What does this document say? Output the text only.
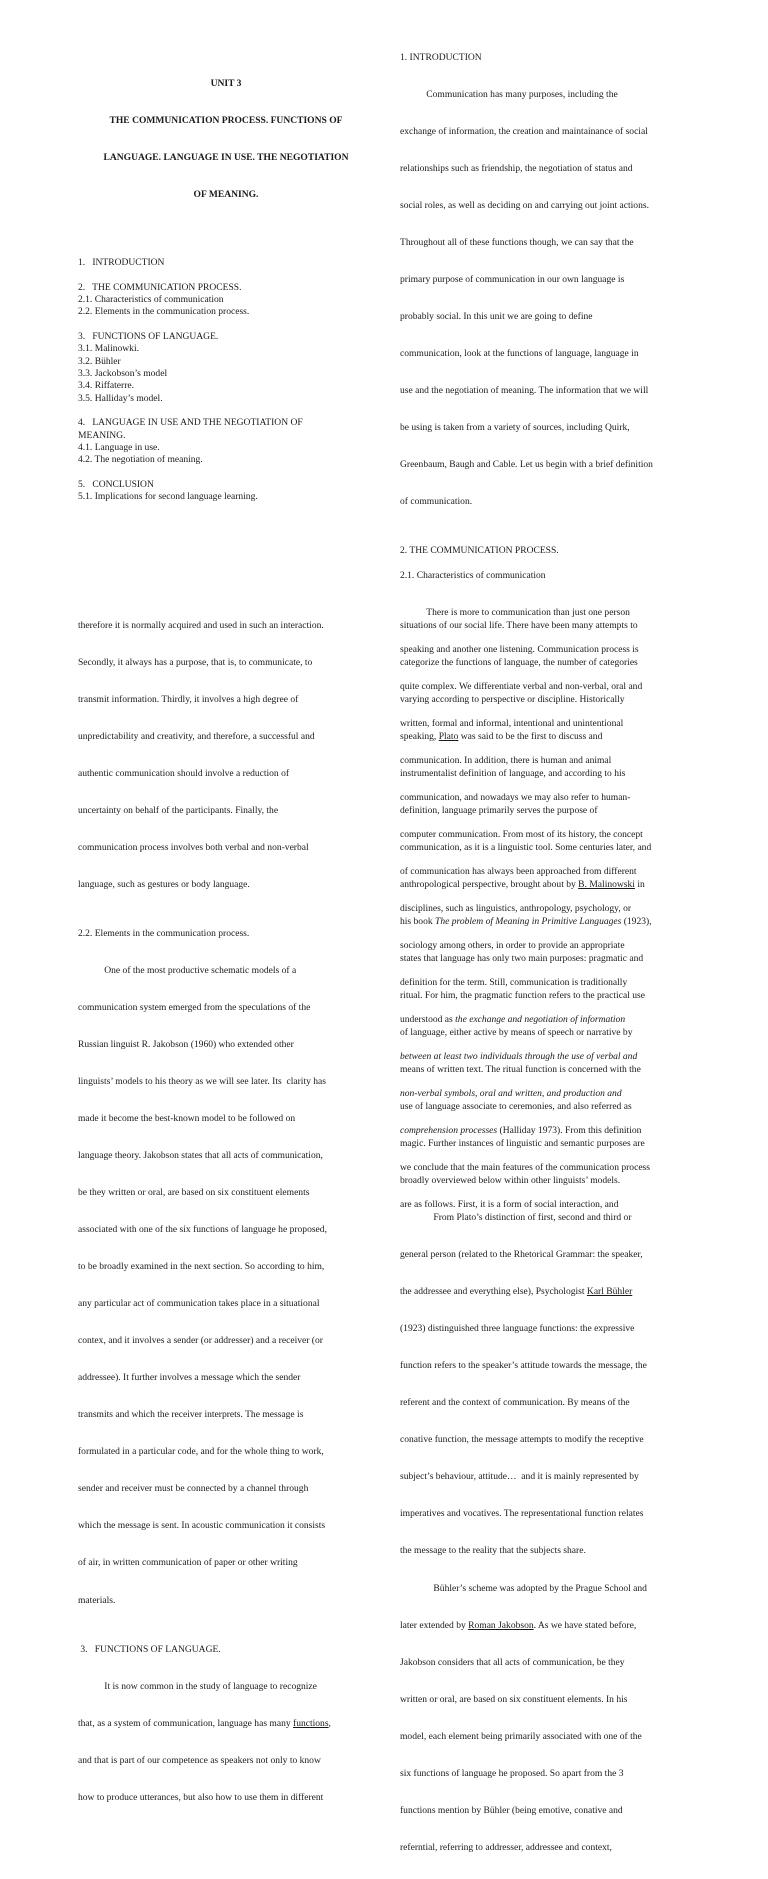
UNIT 3

THE COMMUNICATION PROCESS. FUNCTIONS OF

LANGUAGE. LANGUAGE IN USE. THE NEGOTIATION

OF MEANING.

1.   INTRODUCTION
2.   THE COMMUNICATION PROCESS.
2.1. Characteristics of communication
2.2. Elements in the communication process.
3.   FUNCTIONS OF LANGUAGE.
3.1. Malinowki.
3.2. Bühler
3.3. Jackobson’s model
3.4. Riffaterre.
3.5. Halliday’s model.
4.   LANGUAGE IN USE AND THE NEGOTIATION OF
MEANING.
4.1. Language in use.
4.2. The negotiation of meaning.
5.   CONCLUSION
5.1. Implications for second language learning.
1. INTRODUCTION

Communication has many purposes, including the

exchange of information, the creation and maintainance of social

relationships such as friendship, the negotiation of status and

social roles, as well as deciding on and carrying out joint actions.

Throughout all of these functions though, we can say that the

primary purpose of communication in our own language is

probably social. In this unit we are going to define

communication, look at the functions of language, language in

use and the negotiation of meaning. The information that we will

be using is taken from a variety of sources, including Quirk,

Greenbaum, Baugh and Cable. Let us begin with a brief definition

of communication.

2. THE COMMUNICATION PROCESS.
2.1. Characteristics of communication

There is more to communication than just one person

speaking and another one listening. Communication process is

quite complex. We differentiate verbal and non-verbal, oral and

written, formal and informal, intentional and unintentional

communication. In addition, there is human and animal

communication, and nowadays we may also refer to human-

computer communication. From most of its history, the concept

of communication has always been approached from different

disciplines, such as linguistics, anthropology, psychology, or

sociology among others, in order to provide an appropriate

definition for the term. Still, communication is traditionally

understood as the exchange and negotiation of information

between at least two individuals through the use of verbal and

non-verbal symbols, oral and written, and production and

comprehension processes (Halliday 1973). From this definition

we conclude that the main features of the communication process

are as follows. First, it is a form of social interaction, and

therefore it is normally acquired and used in such an interaction.

Secondly, it always has a purpose, that is, to communicate, to

transmit information. Thirdly, it involves a high degree of

unpredictability and creativity, and therefore, a successful and

authentic communication should involve a reduction of

uncertainty on behalf of the participants. Finally, the

communication process involves both verbal and non-verbal

language, such as gestures or body language.

2.2. Elements in the communication process.

One of the most productive schematic models of a

communication system emerged from the speculations of the

Russian linguist R. Jakobson (1960) who extended other

linguists’ models to his theory as we will see later. Its  clarity has

made it become the best-known model to be followed on

language theory. Jakobson states that all acts of communication,

be they written or oral, are based on six constituent elements

associated with one of the six functions of language he proposed,

to be broadly examined in the next section. So according to him,

any particular act of communication takes place in a situational

contex, and it involves a sender (or addresser) and a receiver (or

addressee). It further involves a message which the sender

transmits and which the receiver interprets. The message is

formulated in a particular code, and for the whole thing to work,

sender and receiver must be connected by a channel through

which the message is sent. In acoustic communication it consists

of air, in written communication of paper or other writing

materials.

3.   FUNCTIONS OF LANGUAGE.

It is now common in the study of language to recognize

that, as a system of communication, language has many functions,

and that is part of our competence as speakers not only to know

how to produce utterances, but also how to use them in different

situations of our social life. There have been many attempts to

categorize the functions of language, the number of categories

varying according to perspective or discipline. Historically

speaking, Plato was said to be the first to discuss and

instrumentalist definition of language, and according to his

definition, language primarily serves the purpose of

communication, as it is a linguistic tool. Some centuries later, and

anthropological perspective, brought about by B. Malinowski in

his book The problem of Meaning in Primitive Languages (1923),

states that language has only two main purposes: pragmatic and

ritual. For him, the pragmatic function refers to the practical use

of language, either active by means of speech or narrative by

means of written text. The ritual function is concerned with the

use of language associate to ceremonies, and also referred as

magic. Further instances of linguistic and semantic purposes are

broadly overviewed below within other linguists’ models.

From Plato’s distinction of first, second and third or

general person (related to the Rhetorical Grammar: the speaker,

the addressee and everything else), Psychologist Karl Bühler

(1923) distinguished three language functions: the expressive

function refers to the speaker’s attitude towards the message, the

referent and the context of communication. By means of the

conative function, the message attempts to modify the receptive

subject’s behaviour, attitude…  and it is mainly represented by

imperatives and vocatives. The representational function relates

the message to the reality that the subjects share.

Bühler’s scheme was adopted by the Prague School and

later extended by Roman Jakobson. As we have stated before,

Jakobson considers that all acts of communication, be they

written or oral, are based on six constituent elements. In his

model, each element being primarily associated with one of the

six functions of language he proposed. So apart from the 3

functions mention by Bühler (being emotive, conative and

referntial, referring to addresser, addressee and context,
